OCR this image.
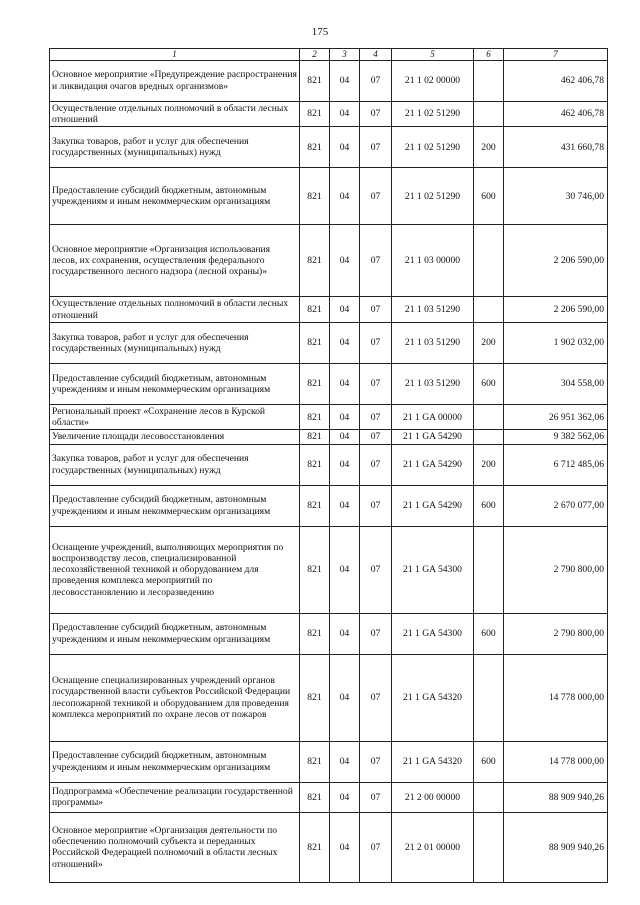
175
1	2	3	4	5	6	7
Основное мероприятие «Предупреждение распространения и ликвидация очагов вредных организмов»	821	04	07	21 1 02 00000		462 406,78
Осуществление отдельных полномочий в области лесных отношений	821	04	07	21 1 02 51290		462 406,78
Закупка товаров, работ и услуг для обеспечения государственных (муниципальных) нужд	821	04	07	21 1 02 51290	200	431 660,78
Предоставление субсидий бюджетным, автономным учреждениям и иным некоммерческим организациям	821	04	07	21 1 02 51290	600	30 746,00
Основное мероприятие «Организация использования лесов, их сохранения, осуществления федерального государственного лесного надзора (лесной охраны)»	821	04	07	21 1 03 00000		2 206 590,00
Осуществление отдельных полномочий в области лесных отношений	821	04	07	21 1 03 51290		2 206 590,00
Закупка товаров, работ и услуг для обеспечения государственных (муниципальных) нужд	821	04	07	21 1 03 51290	200	1 902 032,00
Предоставление субсидий бюджетным, автономным учреждениям и иным некоммерческим организациям	821	04	07	21 1 03 51290	600	304 558,00
Региональный проект «Сохранение лесов в Курской области»	821	04	07	21 1 GA 00000		26 951 362,06
Увеличение площади лесовосстановления	821	04	07	21 1 GA 54290		9 382 562,06
Закупка товаров, работ и услуг для обеспечения государственных (муниципальных) нужд	821	04	07	21 1 GA 54290	200	6 712 485,06
Предоставление субсидий бюджетным, автономным учреждениям и иным некоммерческим организациям	821	04	07	21 1 GA 54290	600	2 670 077,00
Оснащение учреждений, выполняющих мероприятия по воспроизводству лесов, специализированной лесохозяйственной техникой и оборудованием для проведения комплекса мероприятий по лесовосстановлению и лесоразведению	821	04	07	21 1 GA 54300		2 790 800,00
Предоставление субсидий бюджетным, автономным учреждениям и иным некоммерческим организациям	821	04	07	21 1 GA 54300	600	2 790 800,00
Оснащение специализированных учреждений органов государственной власти субъектов Российской Федерации лесопожарной техникой и оборудованием для проведения комплекса мероприятий по охране лесов от пожаров	821	04	07	21 1 GA 54320		14 778 000,00
Предоставление субсидий бюджетным, автономным учреждениям и иным некоммерческим организациям	821	04	07	21 1 GA 54320	600	14 778 000,00
Подпрограмма «Обеспечение реализации государственной программы»	821	04	07	21 2 00 00000		88 909 940,26
Основное мероприятие «Организация деятельности по обеспечению полномочий субъекта и переданных Российской Федерацией полномочий в области лесных отношений»	821	04	07	21 2 01 00000		88 909 940,26
